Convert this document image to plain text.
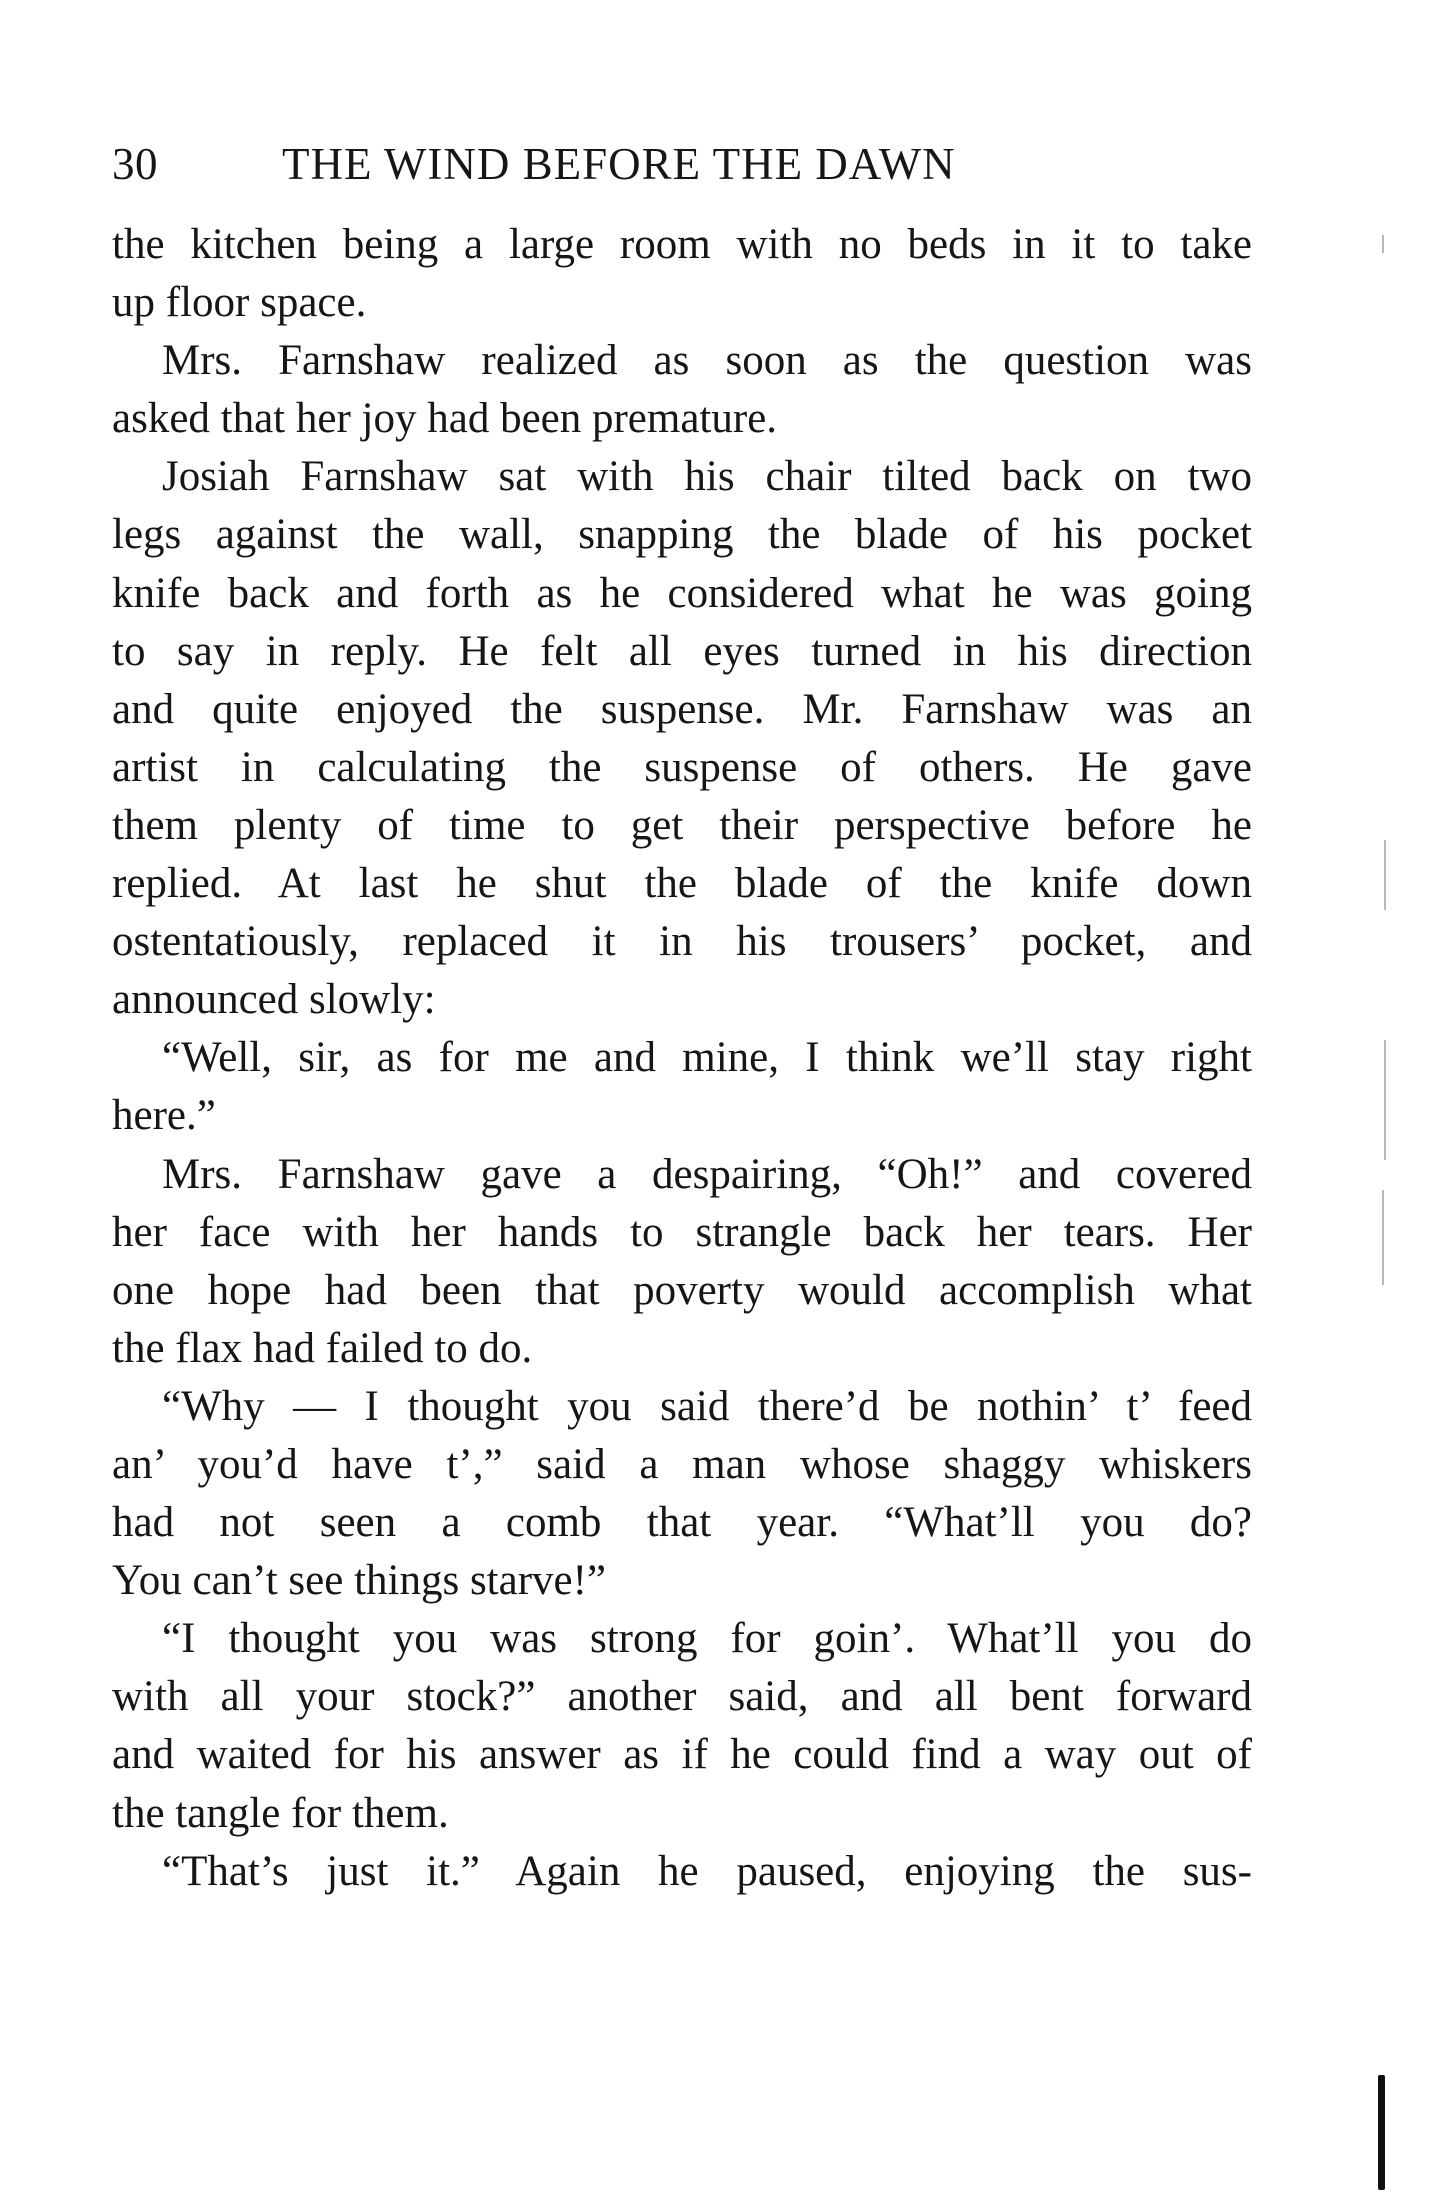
30	THE WIND BEFORE THE DAWN
the kitchen being a large room with no beds in it to take
up floor space.
Mrs. Farnshaw realized as soon as the question was
asked that her joy had been premature.
Josiah Farnshaw sat with his chair tilted back on two
legs against the wall, snapping the blade of his pocket
knife back and forth as he considered what he was going
to say in reply. He felt all eyes turned in his direction
and quite enjoyed the suspense. Mr. Farnshaw was an
artist in calculating the suspense of others. He gave
them plenty of time to get their perspective before he
replied. At last he shut the blade of the knife down
ostentatiously, replaced it in his trousers’ pocket, and
announced slowly:
“Well, sir, as for me and mine, I think we’ll stay right
here.”
Mrs. Farnshaw gave a despairing, “Oh!” and covered
her face with her hands to strangle back her tears. Her
one hope had been that poverty would accomplish what
the flax had failed to do.
“Why — I thought you said there’d be nothin’ t’ feed
an’ you’d have t’,” said a man whose shaggy whiskers
had not seen a comb that year. “What’ll you do?
You can’t see things starve!”
“I thought you was strong for goin’. What’ll you do
with all your stock?” another said, and all bent forward
and waited for his answer as if he could find a way out of
the tangle for them.
“That’s just it.” Again he paused, enjoying the sus-
